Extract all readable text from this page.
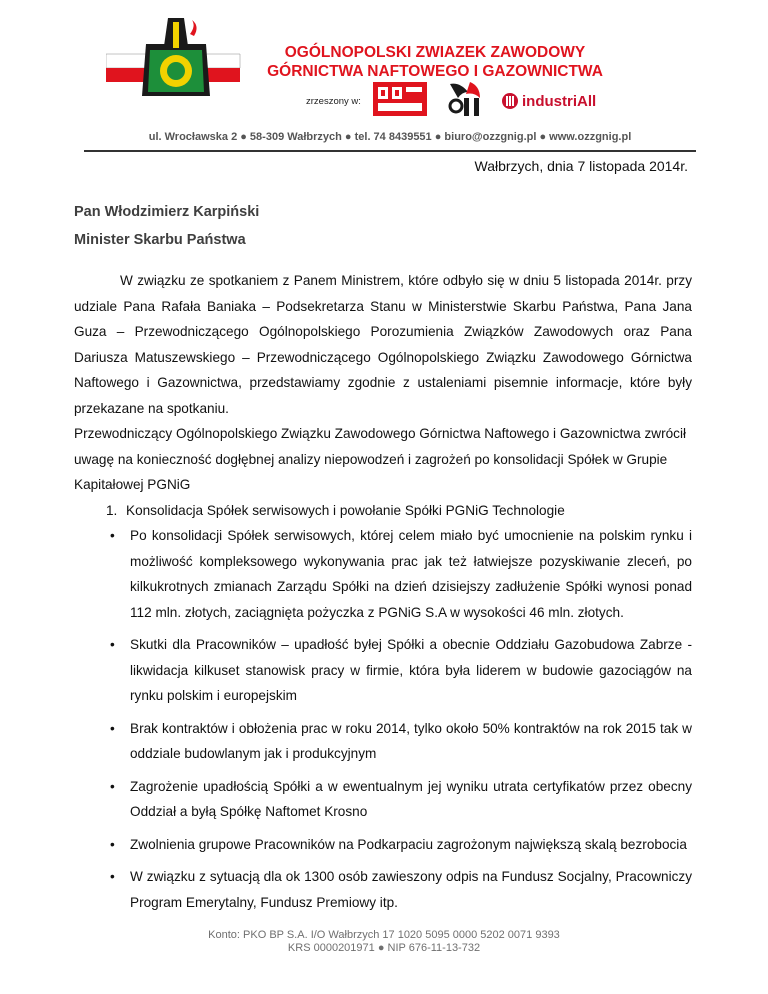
OGÓLNOPOLSKI ZWIAZEK ZAWODOWY
GÓRNICTWA NAFTOWEGO I GAZOWNICTWA
zrzeszony w:	industriAll
ul. Wrocławska 2 ● 58-309 Wałbrzych ● tel. 74 8439551 ● biuro@ozzgnig.pl ● www.ozzgnig.pl
Wałbrzych, dnia 7 listopada 2014r.
Pan Włodzimierz Karpiński
Minister Skarbu Państwa

W związku ze spotkaniem z Panem Ministrem, które odbyło się w dniu 5 listopada 2014r. przy udziale Pana Rafała Baniaka – Podsekretarza Stanu w Ministerstwie Skarbu Państwa, Pana Jana Guza – Przewodniczącego Ogólnopolskiego Porozumienia Związków Zawodowych oraz Pana Dariusza Matuszewskiego – Przewodniczącego Ogólnopolskiego Związku Zawodowego Górnictwa Naftowego i Gazownictwa, przedstawiamy zgodnie z ustaleniami pisemnie informacje, które były przekazane na spotkaniu.

Przewodniczący Ogólnopolskiego Związku Zawodowego Górnictwa Naftowego i Gazownictwa zwrócił uwagę na konieczność dogłębnej analizy niepowodzeń i zagrożeń po konsolidacji Spółek w Grupie Kapitałowej PGNiG

1. Konsolidacja Spółek serwisowych i powołanie Spółki PGNiG Technologie
• Po konsolidacji Spółek serwisowych, której celem miało być umocnienie na polskim rynku i możliwość kompleksowego wykonywania prac jak też łatwiejsze pozyskiwanie zleceń, po kilkukrotnych zmianach Zarządu Spółki na dzień dzisiejszy zadłużenie Spółki wynosi ponad 112 mln. złotych, zaciągnięta pożyczka z PGNiG S.A w wysokości 46 mln. złotych.
• Skutki dla Pracowników – upadłość byłej Spółki a obecnie Oddziału Gazobudowa Zabrze - likwidacja kilkuset stanowisk pracy w firmie, która była liderem w budowie gazociągów na rynku polskim i europejskim
• Brak kontraktów i obłożenia prac w roku 2014, tylko około 50% kontraktów na rok 2015 tak w oddziale budowlanym jak i produkcyjnym
• Zagrożenie upadłością Spółki a w ewentualnym jej wyniku utrata certyfikatów przez obecny Oddział a byłą Spółkę Naftomet Krosno
• Zwolnienia grupowe Pracowników na Podkarpaciu zagrożonym największą skalą bezrobocia
• W związku z sytuacją dla ok 1300 osób zawieszony odpis na Fundusz Socjalny, Pracowniczy Program Emerytalny, Fundusz Premiowy itp.
Konto: PKO BP S.A. I/O Wałbrzych 17 1020 5095 0000 5202 0071 9393
KRS 0000201971 ● NIP 676-11-13-732
